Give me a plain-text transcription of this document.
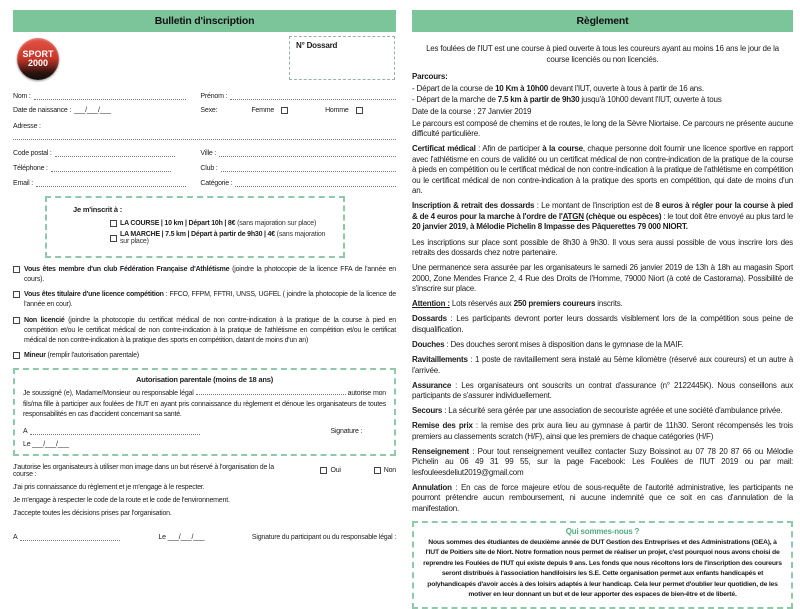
Bulletin d'inscription
SPORT
2000
N° Dossard
Nom :	Prénom :
Date de naissance : ___/___/___	Sexe:	Femme	Homme
Adresse :
Code postal :	Ville :
Téléphone :	Club :
Email :	Catégorie :
Je m'inscrit à :
LA COURSE | 10 km | Départ 10h | 8€ (sans majoration sur place)
LA MARCHE | 7.5 km | Départ à partir de 9h30 | 4€ (sans majoration sur place)
Vous êtes membre d'un club Fédération Française d'Athlétisme (joindre la photocopie de la licence FFA de l'année en cours).
Vous êtes titulaire d'une licence compétition : FFCO, FFPM, FFTRI, UNSS, UGFEL ( joindre la photocopie de la licence de l'année en cour).
Non licencié (joindre la photocopie du certificat médical de non contre-indication à la pratique de la course à pied en compétition et/ou le certificat médical de non contre-indication à la pratique de l'athlétisme en compétition et/ou le certificat médical de non contre-indication à la pratique des sports en compétition, datant de moins d'un an)
Mineur (remplir l'autorisation parentale)
Autorisation parentale (moins de 18 ans)
Je soussigné (e), Madame/Monsieur ou responsable légal	autorise mon fils/ma fille à participer aux foulées de l'IUT en ayant pris connaissance du règlement et dénoue les organisateurs de toutes responsabilités en cas d'accident concernant sa santé.
A	Signature :
Le ___/___/___
J'autorise les organisateurs à utiliser mon image dans un but réservé à l'organisation de la course :	Oui	Non
J'ai pris connaissance du règlement et je m'engage à le respecter.
Je m'engage à respecter le code de la route et le code de l'environnement.
J'accepte toutes les décisions prises par l'organisation.
A	Le ___/___/___	Signature du participant ou du responsable légal :
Règlement

Les foulées de l'IUT est une course à pied ouverte à tous les coureurs ayant au moins 16 ans le jour de la course licenciés ou non licenciés.

Parcours:

- Départ de la course de 10 Km à 10h00 devant l'IUT, ouverte à tous à partir de 16 ans.

- Départ de la marche de 7.5 km à partir de 9h30 jusqu'à 10h00 devant l'IUT, ouverte à tous

Date de la course : 27 Janvier 2019

Le parcours est composé de chemins et de routes, le long de la Sèvre Niortaise. Ce parcours ne présente aucune difficulté particulière.

Certificat médical : Afin de participer à la course, chaque personne doit fournir une licence sportive en rapport avec l'athlétisme en cours de validité ou un certificat médical de non contre-indication de la pratique de la course à pieds en compétition ou le certificat médical de non contre-indication à la pratique de l'athlétisme en compétition ou le certificat médical de non contre-indication à la pratique des sports en compétition, qui date de moins d'un an.

Inscription & retrait des dossards : Le montant de l'inscription est de 8 euros à régler pour la course à pied & de 4 euros pour la marche à l'ordre de l'ATGN (chèque ou espèces) : le tout doit être envoyé au plus tard le 20 janvier 2019, à Mélodie Pichelin 8 Impasse des Pâquerettes 79 000 NIORT.

Les inscriptions sur place sont possible de 8h30 à 9h30. Il vous sera aussi possible de vous inscrire lors des retraits des dossards chez notre partenaire.

Une permanence sera assurée par les organisateurs le samedi 26 janvier 2019 de 13h à 18h au magasin Sport 2000, Zone Mendes France 2, 4 Rue des Droits de l'Homme, 79000 Niort (à coté de Castorama). Possibilité de s'inscrire sur place.

Attention : Lots réservés aux 250 premiers coureurs inscrits.

Dossards : Les participants devront porter leurs dossards visiblement lors de la compétition sous peine de disqualification.

Douches : Des douches seront mises à disposition dans le gymnase de la MAIF.

Ravitaillements : 1 poste de ravitaillement sera instalé au 5ème kilomètre (réservé aux coureurs) et un autre à l'arrivée.

Assurance : Les organisateurs ont souscrits un contrat d'assurance (n° 2122445K). Nous conseillons aux participants de s'assurer individuellement.

Secours : La sécurité sera gérée par une association de secouriste agréée et une société d'ambulance privée.

Remise des prix : la remise des prix aura lieu au gymnase à partir de 11h30. Seront récompensés les trois premiers au classements scratch (H/F), ainsi que les premiers de chaque catégories (H/F)

Renseignement : Pour tout renseignement veuillez contacter Suzy Boissinot au 07 78 20 87 66 ou Mélodie Pichelin au 06 49 31 99 55, sur la page Facebook: Les Foulées de l'IUT 2019 ou par mail: lesfouleesdeliut2019@gmail.com

Annulation : En cas de force majeure et/ou de sous-requête de l'autorité administrative, les participants ne pourront prétendre aucun remboursement, ni aucune indemnité que ce soit en cas d'annulation de la manifestation.

Qui sommes-nous ?
Nous sommes des étudiantes de deuxième année de DUT Gestion des Entreprises et des Administrations (GEA), à l'IUT de Poitiers site de Niort. Notre formation nous permet de réaliser un projet, c'est pourquoi nous avons choisi de reprendre les Foulées de l'IUT qui existe depuis 9 ans. Les fonds que nous récoltons lors de l'inscription des coureurs seront distribués à l'association handiloisirs les S.E. Cette organisation permet aux enfants handicapés et polyhandicapés d'avoir accès à des loisirs adaptés à leur handicap. Cela leur permet d'oublier leur quotidien, de les motiver en leur donnant un but et de leur apporter des espaces de bien-être et de liberté.
